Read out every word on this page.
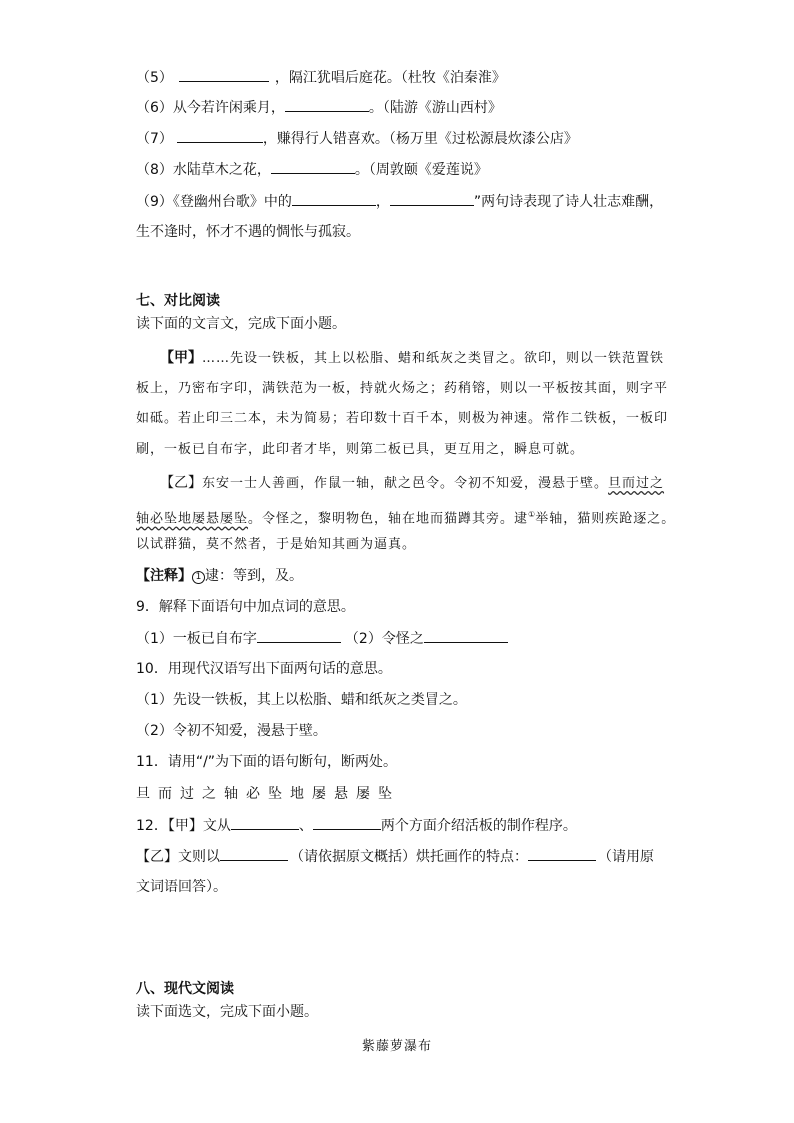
（5）	，隔江犹唱后庭花。（杜牧《泊秦淮》
（6）从今若许闲乘月，	。（陆游《游山西村》
（7）	，赚得行人错喜欢。（杨万里《过松源晨炊漆公店》
（8）水陆草木之花，	。（周敦颐《爱莲说》
（9）《登幽州台歌》中的	，	”两句诗表现了诗人壮志难酬，
生不逢时，怀才不遇的惆怅与孤寂。
七、对比阅读
读下面的文言文，完成下面小题。
【甲】……先设一铁板，其上以松脂、蜡和纸灰之类冒之。欲印，则以一铁范置铁
板上，乃密布字印，满铁范为一板，持就火炀之；药稍镕，则以一平板按其面，则字平
如砥。若止印三二本，未为简易；若印数十百千本，则极为神速。常作二铁板，一板印
刷，一板已自布字，此印者才毕，则第二板已具，更互用之，瞬息可就。
【乙】东安一士人善画，作鼠一轴，献之邑令。令初不知爱，漫悬于壁。旦而过之
轴必坠地屡悬屡坠。令怪之，黎明物色，轴在地而猫蹲其旁。逮①举轴，猫则疾跄逐之。
以试群猫，莫不然者，于是始知其画为逼真。
【注释】 1 逮：等到，及。
9．解释下面语句中加点词的意思。
（1）一板已自布字	（2）令怪之
10．用现代汉语写出下面两句话的意思。
（1）先设一铁板，其上以松脂、蜡和纸灰之类冒之。
（2）令初不知爱，漫悬于壁。
11．请用“/”为下面的语句断句，断两处。
旦而过之轴必坠地屡悬屡坠
12．【甲】文从	、	两个方面介绍活板的制作程序。
【乙】文则以	（请依据原文概括）烘托画作的特点：	（请用原
文词语回答）。
八、现代文阅读
读下面选文，完成下面小题。
紫藤萝瀑布
